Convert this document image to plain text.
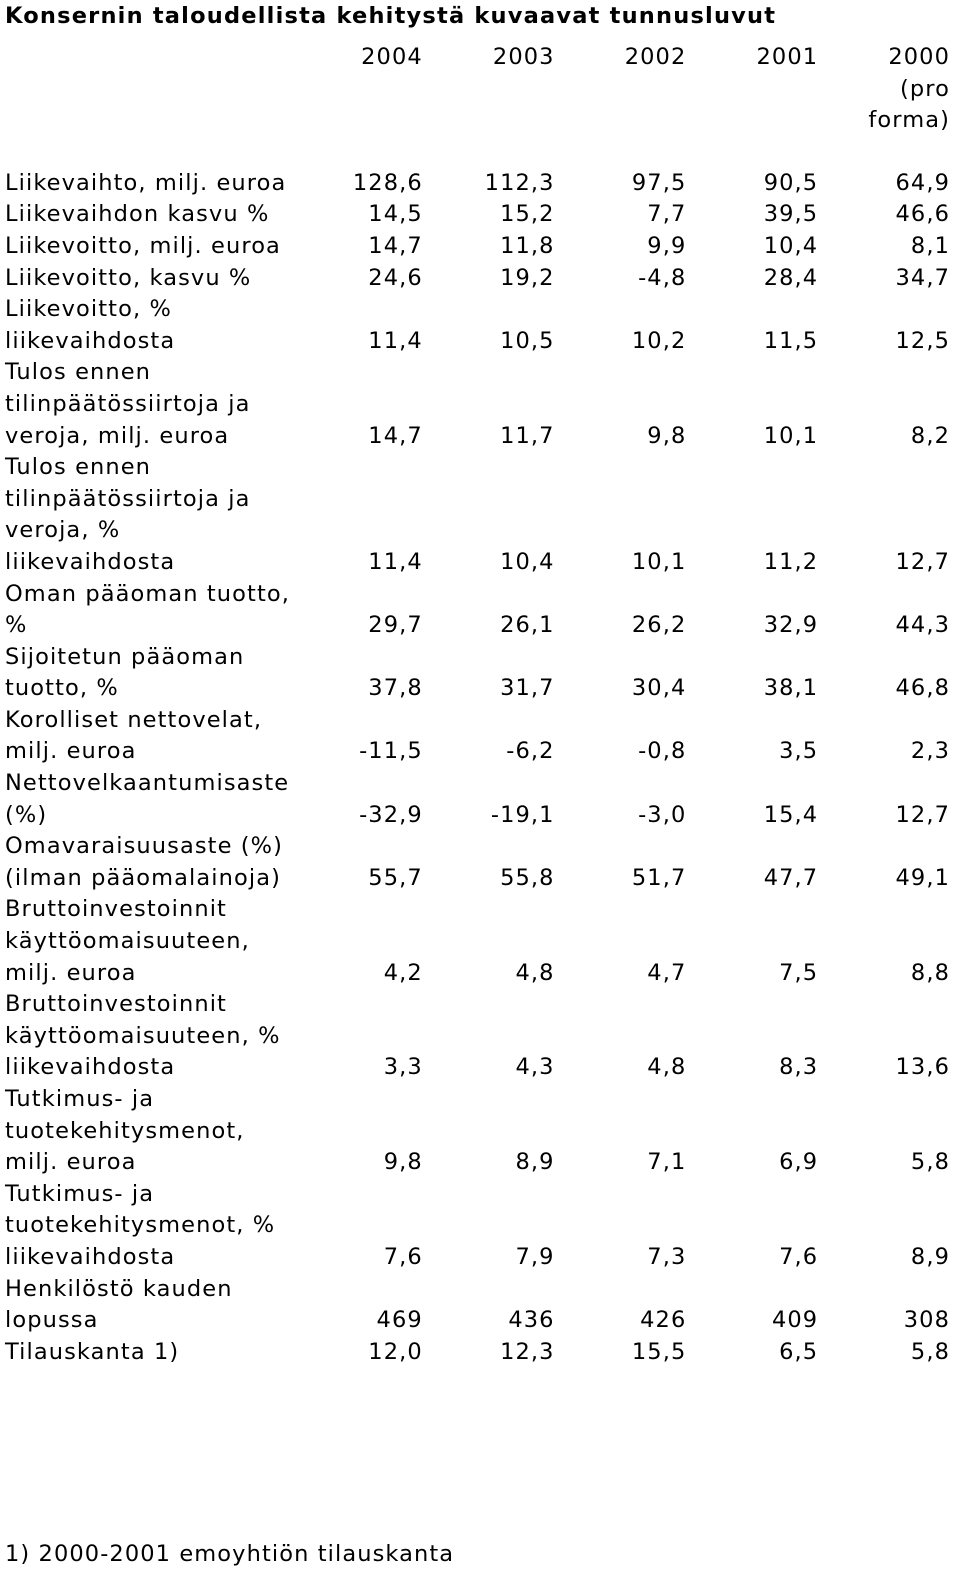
Konsernin taloudellista kehitystä kuvaavat tunnusluvut

	2004	2003	2002	2001	2000
(pro forma)

Liikevaihto, milj. euroa	128,6	112,3	97,5	90,5	64,9
Liikevaihdon kasvu %	14,5	15,2	7,7	39,5	46,6
Liikevoitto, milj. euroa	14,7	11,8	9,9	10,4	8,1
Liikevoitto, kasvu %	24,6	19,2	-4,8	28,4	34,7
Liikevoitto, % liikevaihdosta	11,4	10,5	10,2	11,5	12,5
Tulos ennen tilinpäätössiirtoja ja veroja, milj. euroa	14,7	11,7	9,8	10,1	8,2
Tulos ennen tilinpäätössiirtoja ja veroja, % liikevaihdosta	11,4	10,4	10,1	11,2	12,7
Oman pääoman tuotto, %	29,7	26,1	26,2	32,9	44,3
Sijoitetun pääoman tuotto, %	37,8	31,7	30,4	38,1	46,8
Korolliset nettovelat, milj. euroa	-11,5	-6,2	-0,8	3,5	2,3
Nettovelkaantumisaste (%)	-32,9	-19,1	-3,0	15,4	12,7
Omavaraisuusaste (%) (ilman pääomalainoja)	55,7	55,8	51,7	47,7	49,1
Bruttoinvestoinnit käyttöomaisuuteen, milj. euroa	4,2	4,8	4,7	7,5	8,8
Bruttoinvestoinnit käyttöomaisuuteen, % liikevaihdosta	3,3	4,3	4,8	8,3	13,6
Tutkimus- ja tuotekehitysmenot, milj. euroa	9,8	8,9	7,1	6,9	5,8
Tutkimus- ja tuotekehitysmenot, % liikevaihdosta	7,6	7,9	7,3	7,6	8,9
Henkilöstö kauden lopussa	469	436	426	409	308
Tilauskanta 1)	12,0	12,3	15,5	6,5	5,8
1) 2000-2001 emoyhtiön tilauskanta
